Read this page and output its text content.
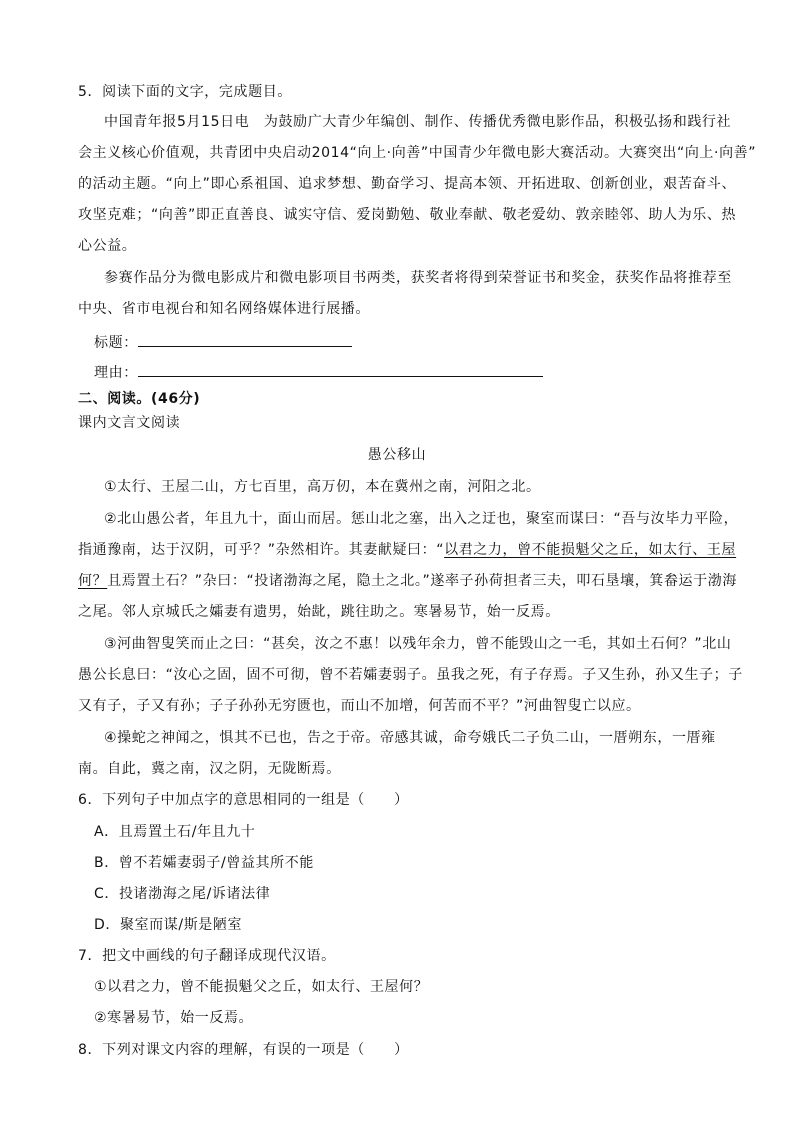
5．阅读下面的文字，完成题目。
中国青年报5月15日电　为鼓励广大青少年编创、制作、传播优秀微电影作品，积极弘扬和践行社
会主义核心价值观，共青团中央启动2014“向上·向善”中国青少年微电影大赛活动。大赛突出“向上·向善”
的活动主题。“向上”即心系祖国、追求梦想、勤奋学习、提高本领、开拓进取、创新创业，艰苦奋斗、
攻坚克难；“向善”即正直善良、诚实守信、爱岗勤勉、敬业奉献、敬老爱幼、敦亲睦邻、助人为乐、热
心公益。
参赛作品分为微电影成片和微电影项目书两类，获奖者将得到荣誉证书和奖金，获奖作品将推荐至
中央、省市电视台和知名网络媒体进行展播。
标题：
理由：
二、阅读。(46分)
课内文言文阅读
愚公移山
①太行、王屋二山，方七百里，高万仞，本在冀州之南，河阳之北。
②北山愚公者，年且九十，面山而居。惩山北之塞，出入之迂也，聚室而谋曰：“吾与汝毕力平险，
指通豫南，达于汉阴，可乎？”杂然相许。其妻献疑曰：“以君之力，曾不能损魁父之丘，如太行、王屋
何？且焉置土石？”杂曰：“投诸渤海之尾，隐土之北。”遂率子孙荷担者三夫，叩石垦壤，箕畚运于渤海
之尾。邻人京城氏之孀妻有遗男，始龀，跳往助之。寒暑易节，始一反焉。
③河曲智叟笑而止之曰：“甚矣，汝之不惠！以残年余力，曾不能毁山之一毛，其如土石何？”北山
愚公长息曰：“汝心之固，固不可彻，曾不若孀妻弱子。虽我之死，有子存焉。子又生孙，孙又生子；子
又有子，子又有孙；子子孙孙无穷匮也，而山不加增，何苦而不平？”河曲智叟亡以应。
④操蛇之神闻之，惧其不已也，告之于帝。帝感其诚，命夸娥氏二子负二山，一厝朔东，一厝雍
南。自此，冀之南，汉之阴，无陇断焉。
6．下列句子中加点字的意思相同的一组是（　　）
A．且焉置土石/年且九十
B．曾不若孀妻弱子/曾益其所不能
C．投诸渤海之尾/诉诸法律
D．聚室而谋/斯是陋室
7．把文中画线的句子翻译成现代汉语。
①以君之力，曾不能损魁父之丘，如太行、王屋何？
②寒暑易节，始一反焉。
8．下列对课文内容的理解，有误的一项是（　　）
